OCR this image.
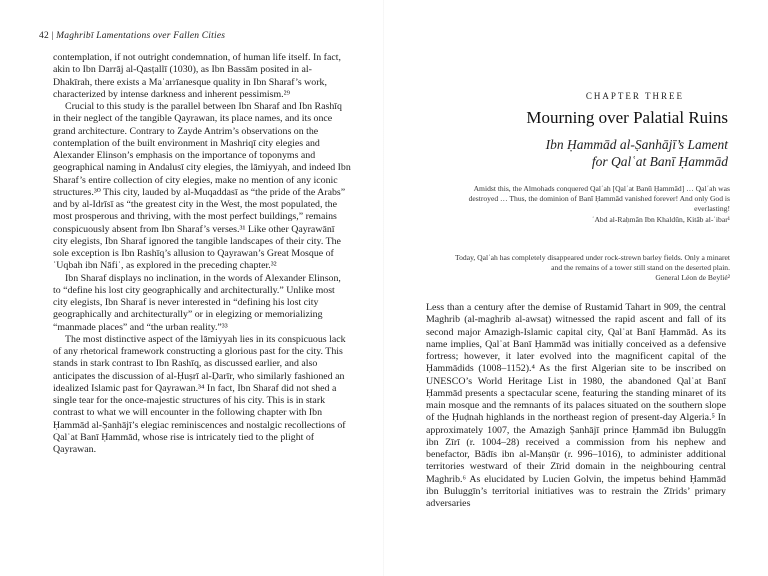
42 | Maghribī Lamentations over Fallen Cities

contemplation, if not outright condemnation, of human life itself. In fact, akin to Ibn Darrāj al-Qasṭallī (1030), as Ibn Bassām posited in al-Dhakīrah, there exists a Maʿarrīanesque quality in Ibn Sharaf’s work, characterized by intense darkness and inherent pessimism.²⁹

Crucial to this study is the parallel between Ibn Sharaf and Ibn Rashīq in their neglect of the tangible Qayrawan, its place names, and its once grand architecture. Contrary to Zayde Antrim’s observations on the contemplation of the built environment in Mashriqī city elegies and Alexander Elinson’s emphasis on the importance of toponyms and geographical naming in Andalusī city elegies, the lāmiyyah, and indeed Ibn Sharaf’s entire collection of city elegies, make no mention of any iconic structures.³⁰ This city, lauded by al-Muqaddasī as “the pride of the Arabs” and by al-Idrīsī as “the greatest city in the West, the most populated, the most prosperous and thriving, with the most perfect buildings,” remains conspicuously absent from Ibn Sharaf’s verses.³¹ Like other Qayrawānī city elegists, Ibn Sharaf ignored the tangible landscapes of their city. The sole exception is Ibn Rashīq’s allusion to Qayrawan’s Great Mosque of ʿUqbah ibn Nāfiʿ, as explored in the preceding chapter.³²

Ibn Sharaf displays no inclination, in the words of Alexander Elinson, to “define his lost city geographically and architecturally.” Unlike most city elegists, Ibn Sharaf is never interested in “defining his lost city geographically and architecturally” or in elegizing or memorializing “manmade places” and “the urban reality.”³³

The most distinctive aspect of the lāmiyyah lies in its conspicuous lack of any rhetorical framework constructing a glorious past for the city. This stands in stark contrast to Ibn Rashīq, as discussed earlier, and also anticipates the discussion of al-Ḥuṣrī al-Ḍarīr, who similarly fashioned an idealized Islamic past for Qayrawan.³⁴ In fact, Ibn Sharaf did not shed a single tear for the once-majestic structures of his city. This is in stark contrast to what we will encounter in the following chapter with Ibn Ḥammād al-Ṣanhājī’s elegiac reminiscences and nostalgic recollections of Qalʿat Banī Ḥammād, whose rise is intricately tied to the plight of Qayrawan.

CHAPTER THREE
Mourning over Palatial Ruins
Ibn Ḥammād al-Ṣanhājī’s Lament for Qalʿat Banī Ḥammād
Amidst this, the Almohads conquered Qalʿah [Qalʿat Banū Ḥammād] … Qalʿah was destroyed … Thus, the dominion of Banī Ḥammād vanished forever! And only God is everlasting!
ʿAbd al-Raḥmān Ibn Khaldūn, Kitāb al-ʿibar¹
Today, Qalʿah has completely disappeared under rock-strewn barley fields. Only a minaret and the remains of a tower still stand on the deserted plain.
General Léon de Beylié²

Less than a century after the demise of Rustamid Tahart in 909, the central Maghrib (al-maghrib al-awsaṭ) witnessed the rapid ascent and fall of its second major Amazigh-Islamic capital city, Qalʿat Banī Ḥammād. As its name implies, Qalʿat Banī Ḥammād was initially conceived as a defensive fortress; however, it later evolved into the magnificent capital of the Ḥammādids (1008–1152).⁴ As the first Algerian site to be inscribed on UNESCO’s World Heritage List in 1980, the abandoned Qalʿat Banī Ḥammād presents a spectacular scene, featuring the standing minaret of its main mosque and the remnants of its palaces situated on the southern slope of the Ḥuḍnah highlands in the northeast region of present-day Algeria.⁵ In approximately 1007, the Amazigh Ṣanhājī prince Ḥammād ibn Buluggīn ibn Zīrī (r. 1004–28) received a commission from his nephew and benefactor, Bādīs ibn al-Manṣūr (r. 996–1016), to administer additional territories westward of their Zīrid domain in the neighbouring central Maghrib.⁶ As elucidated by Lucien Golvin, the impetus behind Ḥammād ibn Buluggīn’s territorial initiatives was to restrain the Zīrids’ primary adversaries
